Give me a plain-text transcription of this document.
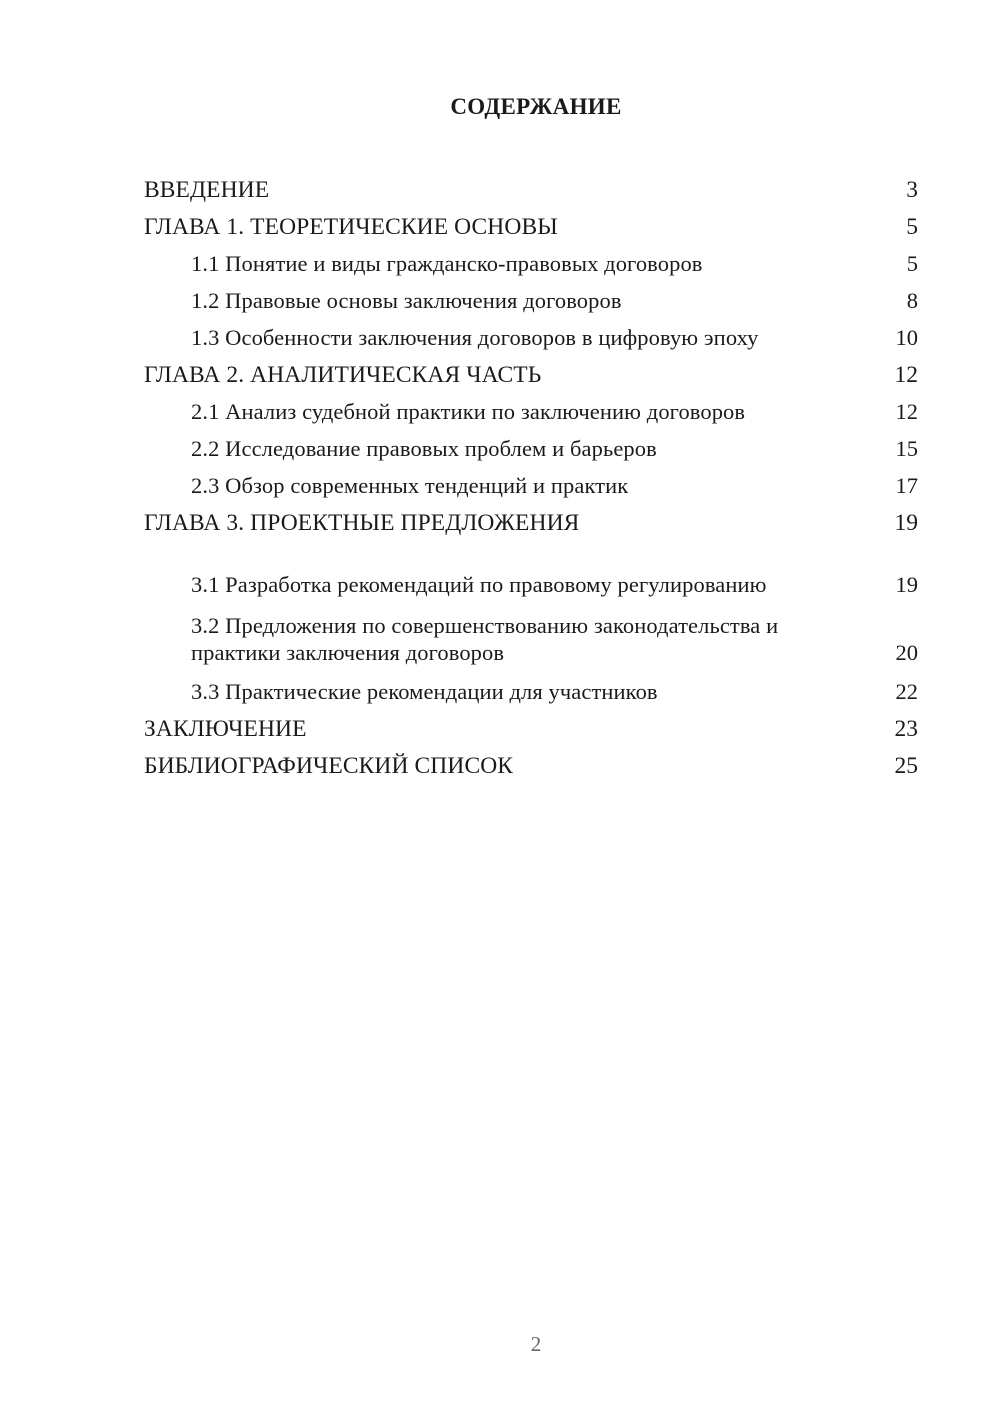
СОДЕРЖАНИЕ
ВВЕДЕНИЕ	3
ГЛАВА 1. ТЕОРЕТИЧЕСКИЕ ОСНОВЫ	5
1.1 Понятие и виды гражданско-правовых договоров	5
1.2 Правовые основы заключения договоров	8
1.3 Особенности заключения договоров в цифровую эпоху	10
ГЛАВА 2. АНАЛИТИЧЕСКАЯ ЧАСТЬ	12
2.1 Анализ судебной практики по заключению договоров	12
2.2 Исследование правовых проблем и барьеров	15
2.3 Обзор современных тенденций и практик	17
ГЛАВА 3. ПРОЕКТНЫЕ ПРЕДЛОЖЕНИЯ	19
3.1 Разработка рекомендаций по правовому регулированию	19
3.2 Предложения по совершенствованию законодательства и практики заключения договоров	20
3.3 Практические рекомендации для участников	22
ЗАКЛЮЧЕНИЕ	23
БИБЛИОГРАФИЧЕСКИЙ СПИСОК	25
2
